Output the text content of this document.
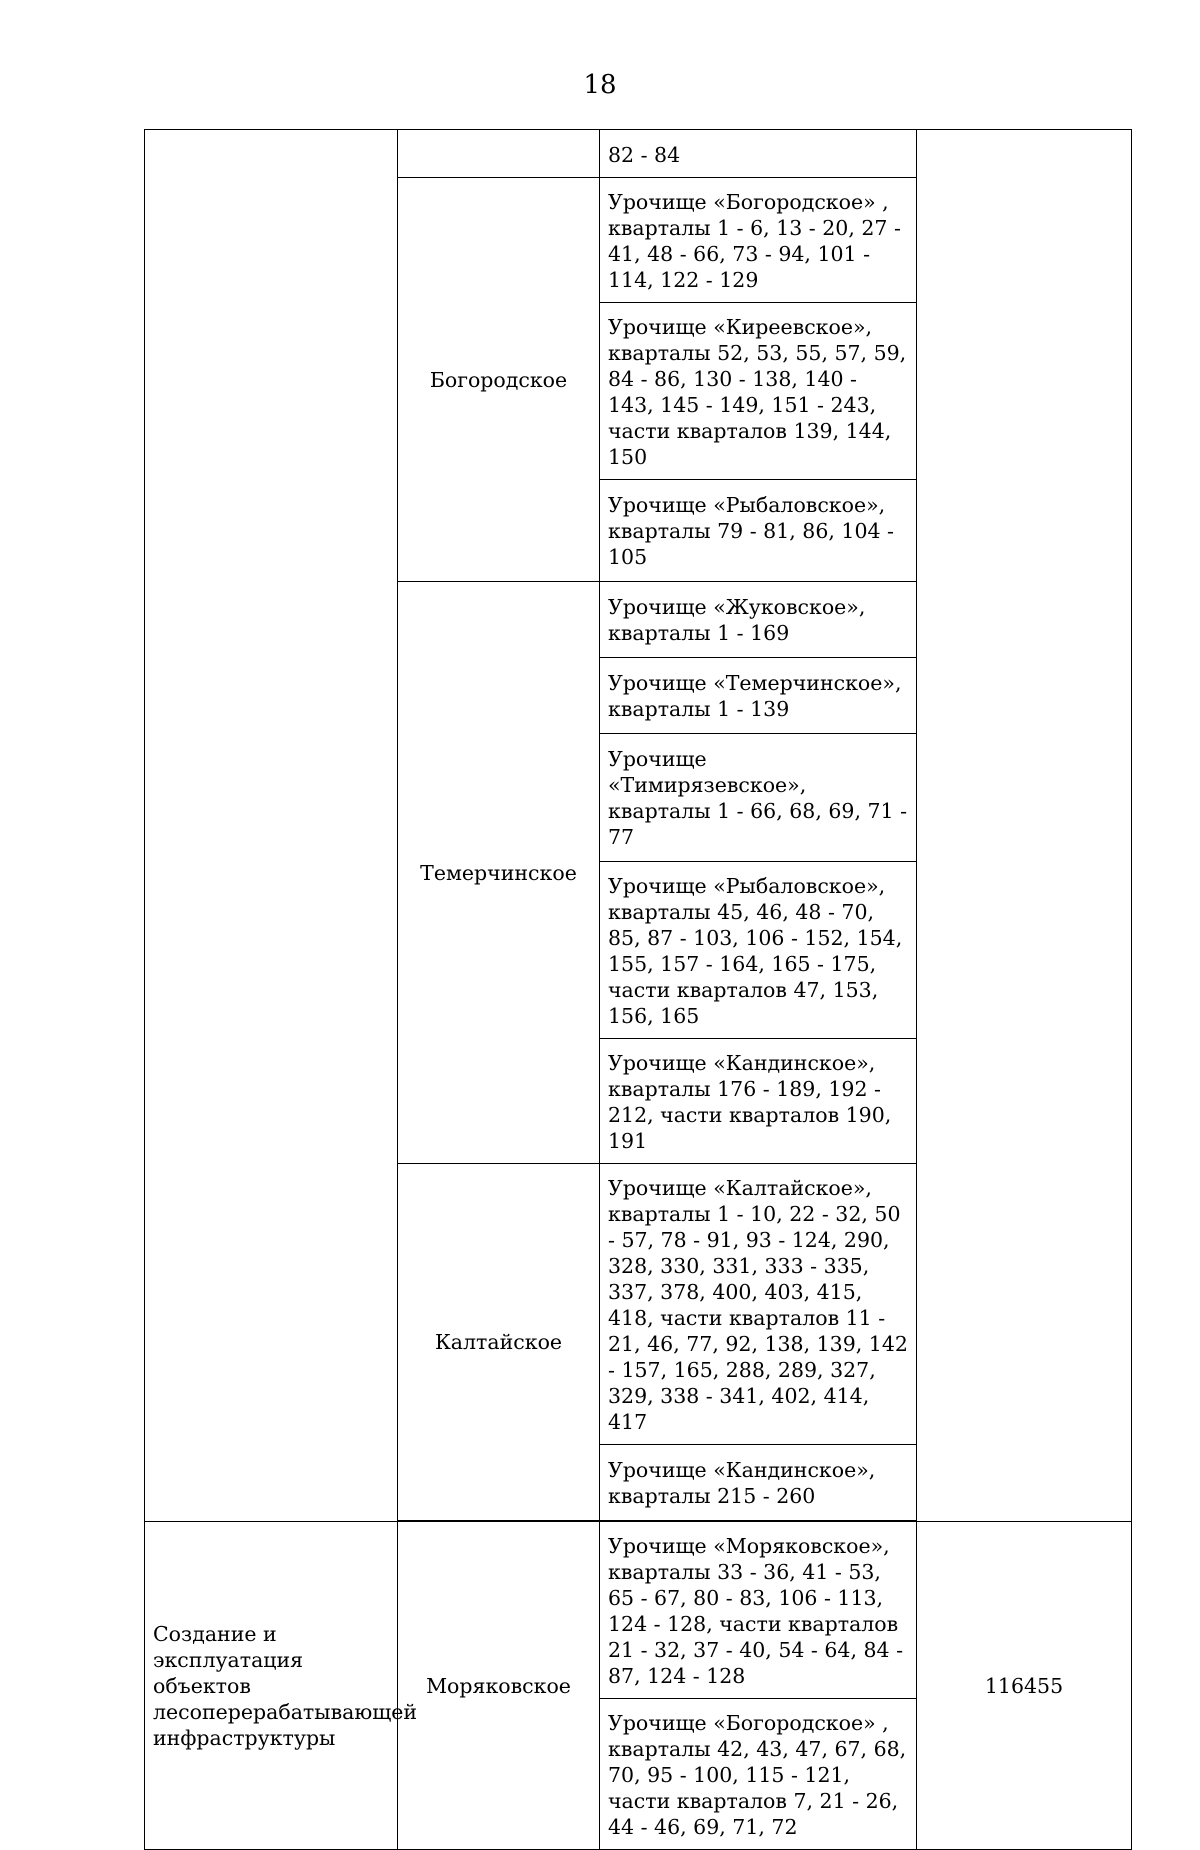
18
		82 - 84	
	Богородское	Урочище «Богородское» , кварталы 1 - 6, 13 - 20, 27 - 41, 48 - 66, 73 - 94, 101 - 114, 122 - 129	
		Урочище «Киреевское», кварталы 52, 53, 55, 57, 59, 84 - 86, 130 - 138, 140 - 143, 145 - 149, 151 - 243, части кварталов 139, 144, 150	
		Урочище «Рыбаловское», кварталы 79 - 81, 86, 104 - 105	
	Темерчинское	Урочище «Жуковское», кварталы 1 - 169	
		Урочище «Темерчинское», кварталы 1 - 139	
		Урочище «Тимирязевское», кварталы 1 - 66, 68, 69, 71 - 77	
		Урочище «Рыбаловское», кварталы 45, 46, 48 - 70, 85, 87 - 103, 106 - 152, 154, 155, 157 - 164, 165 - 175, части кварталов 47, 153, 156, 165	
		Урочище «Кандинское», кварталы 176 - 189, 192 - 212, части кварталов 190, 191	
	Калтайское	Урочище «Калтайское», кварталы 1 - 10, 22 - 32, 50 - 57, 78 - 91, 93 - 124, 290, 328, 330, 331, 333 - 335, 337, 378, 400, 403, 415, 418, части кварталов 11 - 21, 46, 77, 92, 138, 139, 142 - 157, 165, 288, 289, 327, 329, 338 - 341, 402, 414, 417	
		Урочище «Кандинское», кварталы 215 - 260	

Создание и эксплуатация объектов лесоперерабатывающей инфраструктуры	Моряковское	Урочище «Моряковское», кварталы 33 - 36, 41 - 53, 65 - 67, 80 - 83, 106 - 113, 124 - 128, части кварталов 21 - 32, 37 - 40, 54 - 64, 84 - 87, 124 - 128	116455
		Урочище «Богородское» , кварталы 42, 43, 47, 67, 68, 70, 95 - 100, 115 - 121, части кварталов 7, 21 - 26, 44 - 46, 69, 71, 72	
